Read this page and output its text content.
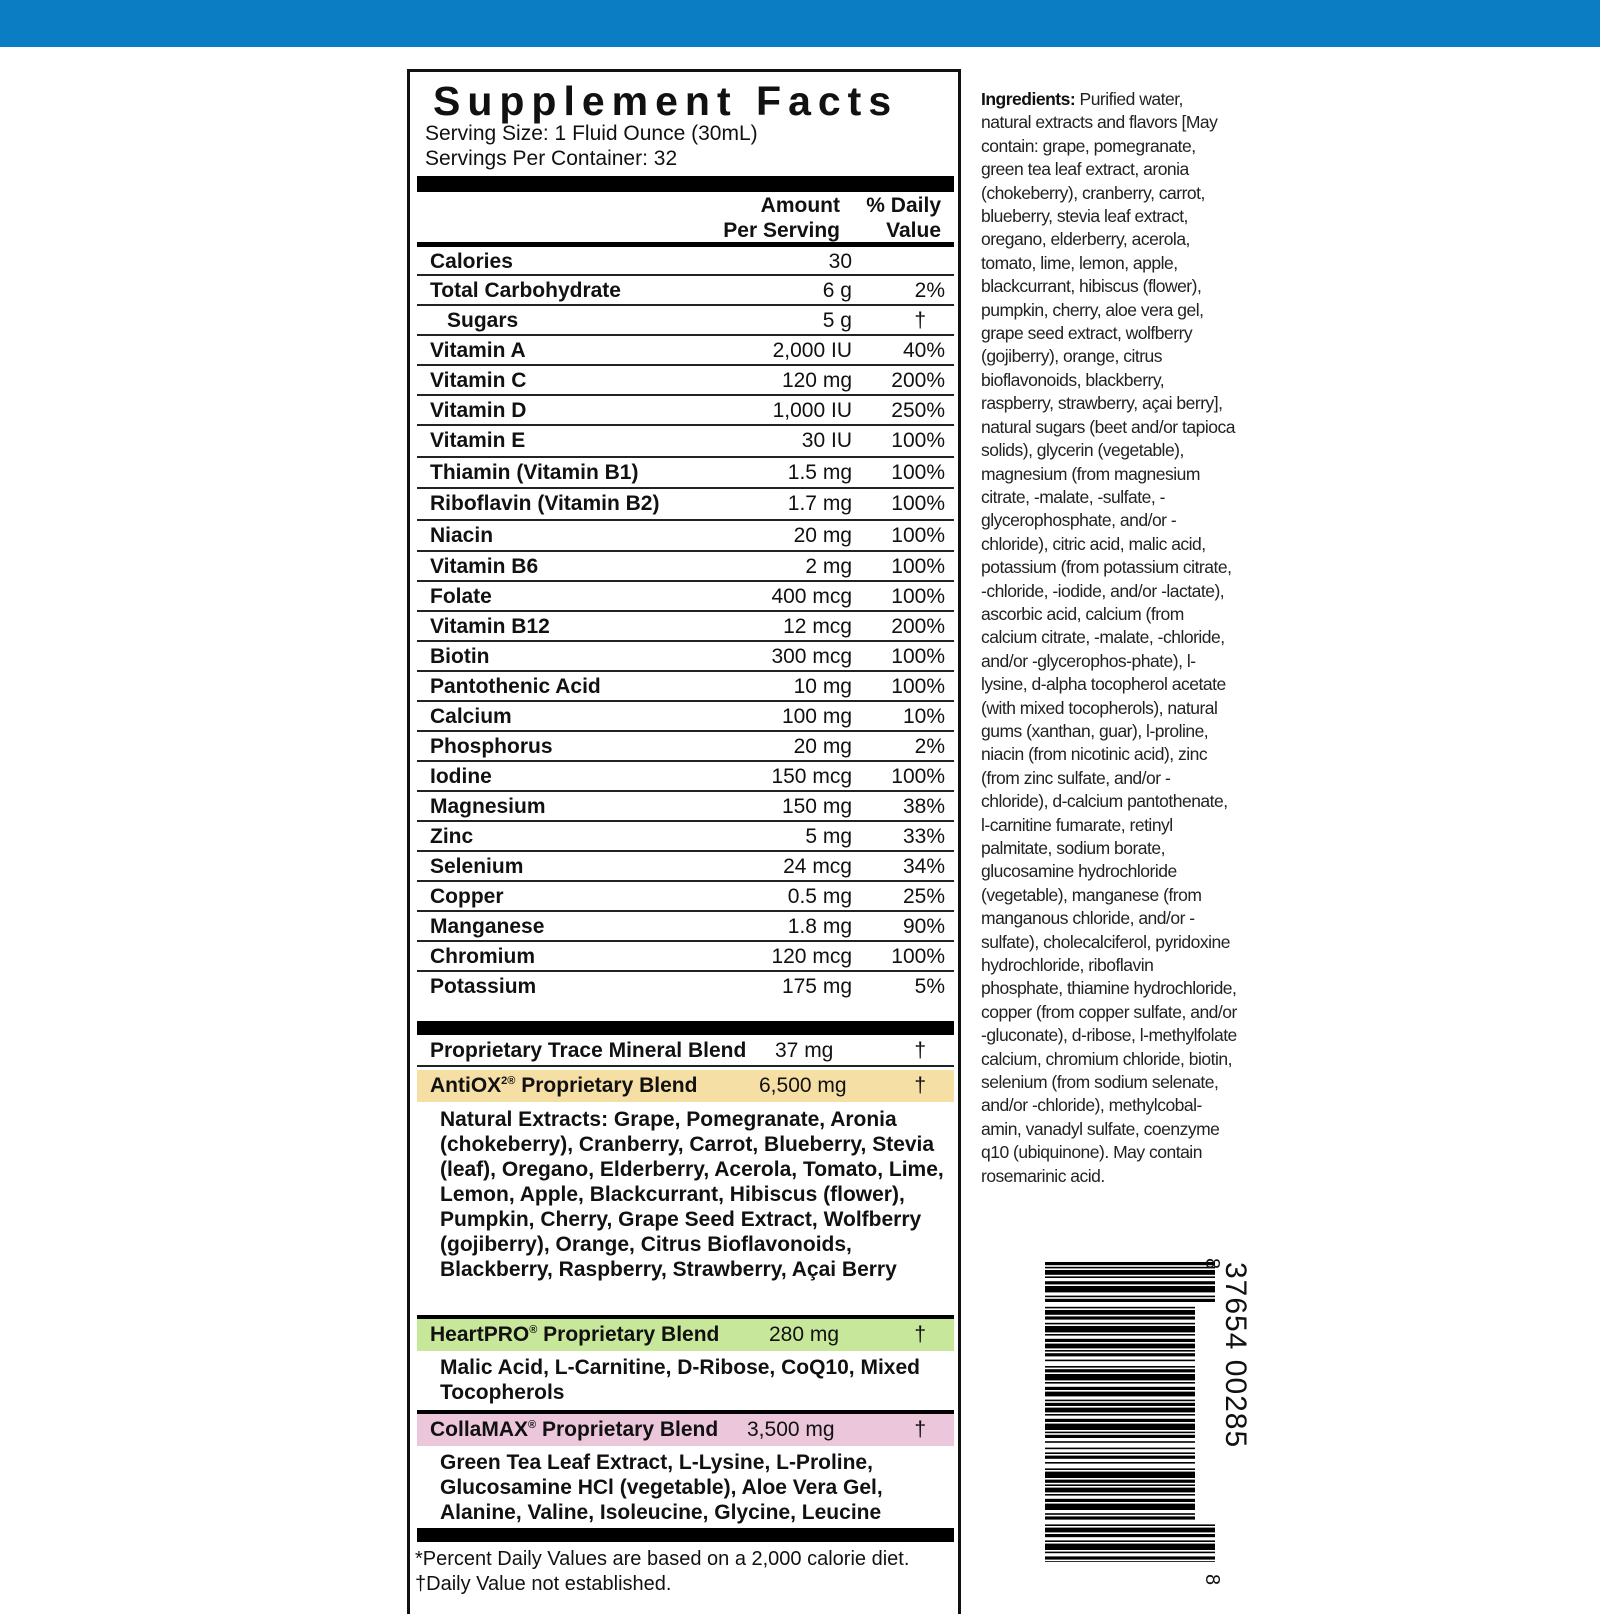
Supplement Facts
Serving Size: 1 Fluid Ounce (30mL)
Servings Per Container: 32
Amount
Per Serving
% Daily
Value
Calories	30
Total Carbohydrate	6 g	2%
Sugars	5 g	†
Vitamin A	2,000 IU 40%
Vitamin C	120 mg 200%
Vitamin D	1,000 IU 250%
Vitamin E	30 IU 100%
Thiamin (Vitamin B1)	1.5 mg 100%
Riboflavin (Vitamin B2)	1.7 mg 100%
Niacin	20 mg 100%
Vitamin B6	2 mg 100%
Folate	400 mcg 100%
Vitamin B12	12 mcg 200%
Biotin	300 mcg 100%
Pantothenic Acid	10 mg 100%
Calcium	100 mg 10%
Phosphorus	20 mg	2%
Iodine	150 mcg 100%
Magnesium	150 mg 38%
Zinc	5 mg 33%
Selenium	24 mcg 34%
Copper	0.5 mg 25%
Manganese	1.8 mg 90%
Chromium	120 mcg 100%
Potassium	175 mg	5%
Proprietary Trace Mineral Blend 37 mg	†
AntiOX$^{2®}$ Proprietary Blend	6,500 mg	†
Natural Extracts: Grape, Pomegranate, Aronia (chokeberry), Cranberry, Carrot, Blueberry, Stevia (leaf), Oregano, Elderberry, Acerola, Tomato, Lime, Lemon, Apple, Blackcurrant, Hibiscus (flower), Pumpkin, Cherry, Grape Seed Extract, Wolfberry (gojiberry), Orange, Citrus Bioflavonoids, Blackberry, Raspberry, Strawberry, Açai Berry
HeartPRO® Proprietary Blend 280 mg	†
Malic Acid, L-Carnitine, D-Ribose, CoQ10, Mixed Tocopherols
CollaMAX® Proprietary Blend 3,500 mg	†
Green Tea Leaf Extract, L-Lysine, L-Proline, Glucosamine HCl (vegetable), Aloe Vera Gel, Alanine, Valine, Isoleucine, Glycine, Leucine
*Percent Daily Values are based on a 2,000 calorie diet.
†Daily Value not established.
Ingredients: Purified water, natural extracts and flavors [May contain: grape, pomegranate, green tea leaf extract, aronia (chokeberry), cranberry, carrot, blueberry, stevia leaf extract, oregano, elderberry, acerola, tomato, lime, lemon, apple, blackcurrant, hibiscus (flower), pumpkin, cherry, aloe vera gel, grape seed extract, wolfberry (gojiberry), orange, citrus bioflavonoids, blackberry, raspberry, strawberry, açai berry], natural sugars (beet and/or tapioca solids), glycerin (vegetable), magnesium (from magnesium citrate, -malate, -sulfate, -glycerophosphate, and/or -chloride), citric acid, malic acid, potassium (from potassium citrate, -chloride, -iodide, and/or -lactate), ascorbic acid, calcium (from calcium citrate, -malate, -chloride, and/or -glycerophos-phate), l-lysine, d-alpha tocopherol acetate (with mixed tocopherols), natural gums (xanthan, guar), l-proline, niacin (from nicotinic acid), zinc (from zinc sulfate, and/or -chloride), d-calcium pantothenate, l-carnitine fumarate, retinyl palmitate, sodium borate, glucosamine hydrochloride (vegetable), manganese (from manganous chloride, and/or -sulfate), cholecalciferol, pyridoxine hydrochloride, riboflavin phosphate, thiamine hydrochloride, copper (from copper sulfate, and/or -gluconate), d-ribose, l-methylfolate calcium, chromium chloride, biotin, selenium (from sodium selenate, and/or -chloride), methylcobal-amin, vanadyl sulfate, coenzyme q10 (ubiquinone). May contain rosemarinic acid.
8
37654 00285
8
